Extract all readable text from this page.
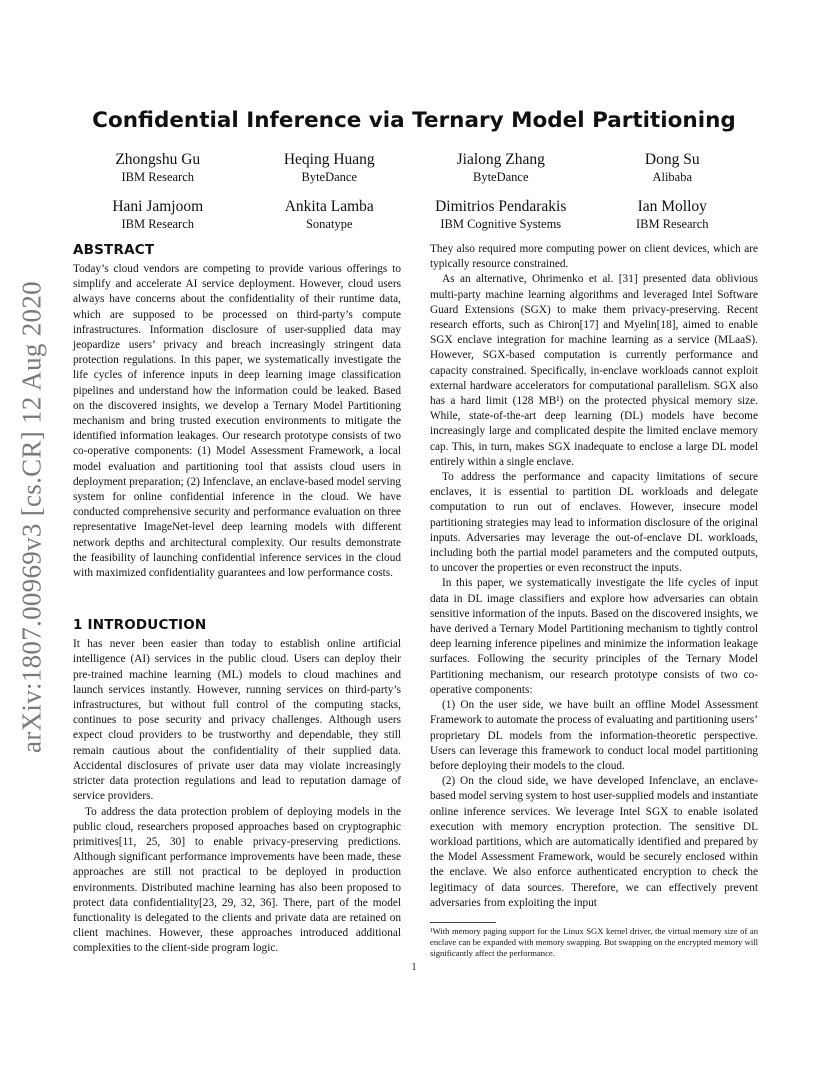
arXiv:1807.00969v3 [cs.CR] 12 Aug 2020
Confidential Inference via Ternary Model Partitioning
Zhongshu Gu
IBM Research
Heqing Huang
ByteDance
Jialong Zhang
ByteDance
Dong Su
Alibaba
Hani Jamjoom
IBM Research
Ankita Lamba
Sonatype
Dimitrios Pendarakis
IBM Cognitive Systems
Ian Molloy
IBM Research
ABSTRACT

Today’s cloud vendors are competing to provide various offerings to simplify and accelerate AI service deployment. However, cloud users always have concerns about the confidentiality of their runtime data, which are supposed to be processed on third-party’s compute infrastructures. Information disclosure of user-supplied data may jeopardize users’ privacy and breach increasingly stringent data protection regulations. In this paper, we systematically investigate the life cycles of inference inputs in deep learning image classification pipelines and understand how the information could be leaked. Based on the discovered insights, we develop a Ternary Model Partitioning mechanism and bring trusted execution environments to mitigate the identified information leakages. Our research prototype consists of two co-operative components: (1) Model Assessment Framework, a local model evaluation and partitioning tool that assists cloud users in deployment preparation; (2) Infenclave, an enclave-based model serving system for online confidential inference in the cloud. We have conducted comprehensive security and performance evaluation on three representative ImageNet-level deep learning models with different network depths and architectural complexity. Our results demonstrate the feasibility of launching confidential inference services in the cloud with maximized confidentiality guarantees and low performance costs.

1 INTRODUCTION

It has never been easier than today to establish online artificial intelligence (AI) services in the public cloud. Users can deploy their pre-trained machine learning (ML) models to cloud machines and launch services instantly. However, running services on third-party’s infrastructures, but without full control of the computing stacks, continues to pose security and privacy challenges. Although users expect cloud providers to be trustworthy and dependable, they still remain cautious about the confidentiality of their supplied data. Accidental disclosures of private user data may violate increasingly stricter data protection regulations and lead to reputation damage of service providers.

To address the data protection problem of deploying models in the public cloud, researchers proposed approaches based on cryptographic primitives[11, 25, 30] to enable privacy-preserving predictions. Although significant performance improvements have been made, these approaches are still not practical to be deployed in production environments. Distributed machine learning has also been proposed to protect data confidentiality[23, 29, 32, 36]. There, part of the model functionality is delegated to the clients and private data are retained on client machines. However, these approaches introduced additional complexities to the client-side program logic.

They also required more computing power on client devices, which are typically resource constrained.

As an alternative, Ohrimenko et al. [31] presented data oblivious multi-party machine learning algorithms and leveraged Intel Software Guard Extensions (SGX) to make them privacy-preserving. Recent research efforts, such as Chiron[17] and Myelin[18], aimed to enable SGX enclave integration for machine learning as a service (MLaaS). However, SGX-based computation is currently performance and capacity constrained. Specifically, in-enclave workloads cannot exploit external hardware accelerators for computational parallelism. SGX also has a hard limit (128 MB¹) on the protected physical memory size. While, state-of-the-art deep learning (DL) models have become increasingly large and complicated despite the limited enclave memory cap. This, in turn, makes SGX inadequate to enclose a large DL model entirely within a single enclave.

To address the performance and capacity limitations of secure enclaves, it is essential to partition DL workloads and delegate computation to run out of enclaves. However, insecure model partitioning strategies may lead to information disclosure of the original inputs. Adversaries may leverage the out-of-enclave DL workloads, including both the partial model parameters and the computed outputs, to uncover the properties or even reconstruct the inputs.

In this paper, we systematically investigate the life cycles of input data in DL image classifiers and explore how adversaries can obtain sensitive information of the inputs. Based on the discovered insights, we have derived a Ternary Model Partitioning mechanism to tightly control deep learning inference pipelines and minimize the information leakage surfaces. Following the security principles of the Ternary Model Partitioning mechanism, our research prototype consists of two co-operative components:

(1) On the user side, we have built an offline Model Assessment Framework to automate the process of evaluating and partitioning users’ proprietary DL models from the information-theoretic perspective. Users can leverage this framework to conduct local model partitioning before deploying their models to the cloud.

(2) On the cloud side, we have developed Infenclave, an enclave-based model serving system to host user-supplied models and instantiate online inference services. We leverage Intel SGX to enable isolated execution with memory encryption protection. The sensitive DL workload partitions, which are automatically identified and prepared by the Model Assessment Framework, would be securely enclosed within the enclave. We also enforce authenticated encryption to check the legitimacy of data sources. Therefore, we can effectively prevent adversaries from exploiting the input

¹With memory paging support for the Linux SGX kernel driver, the virtual memory size of an enclave can be expanded with memory swapping. But swapping on the encrypted memory will significantly affect the performance.

1
